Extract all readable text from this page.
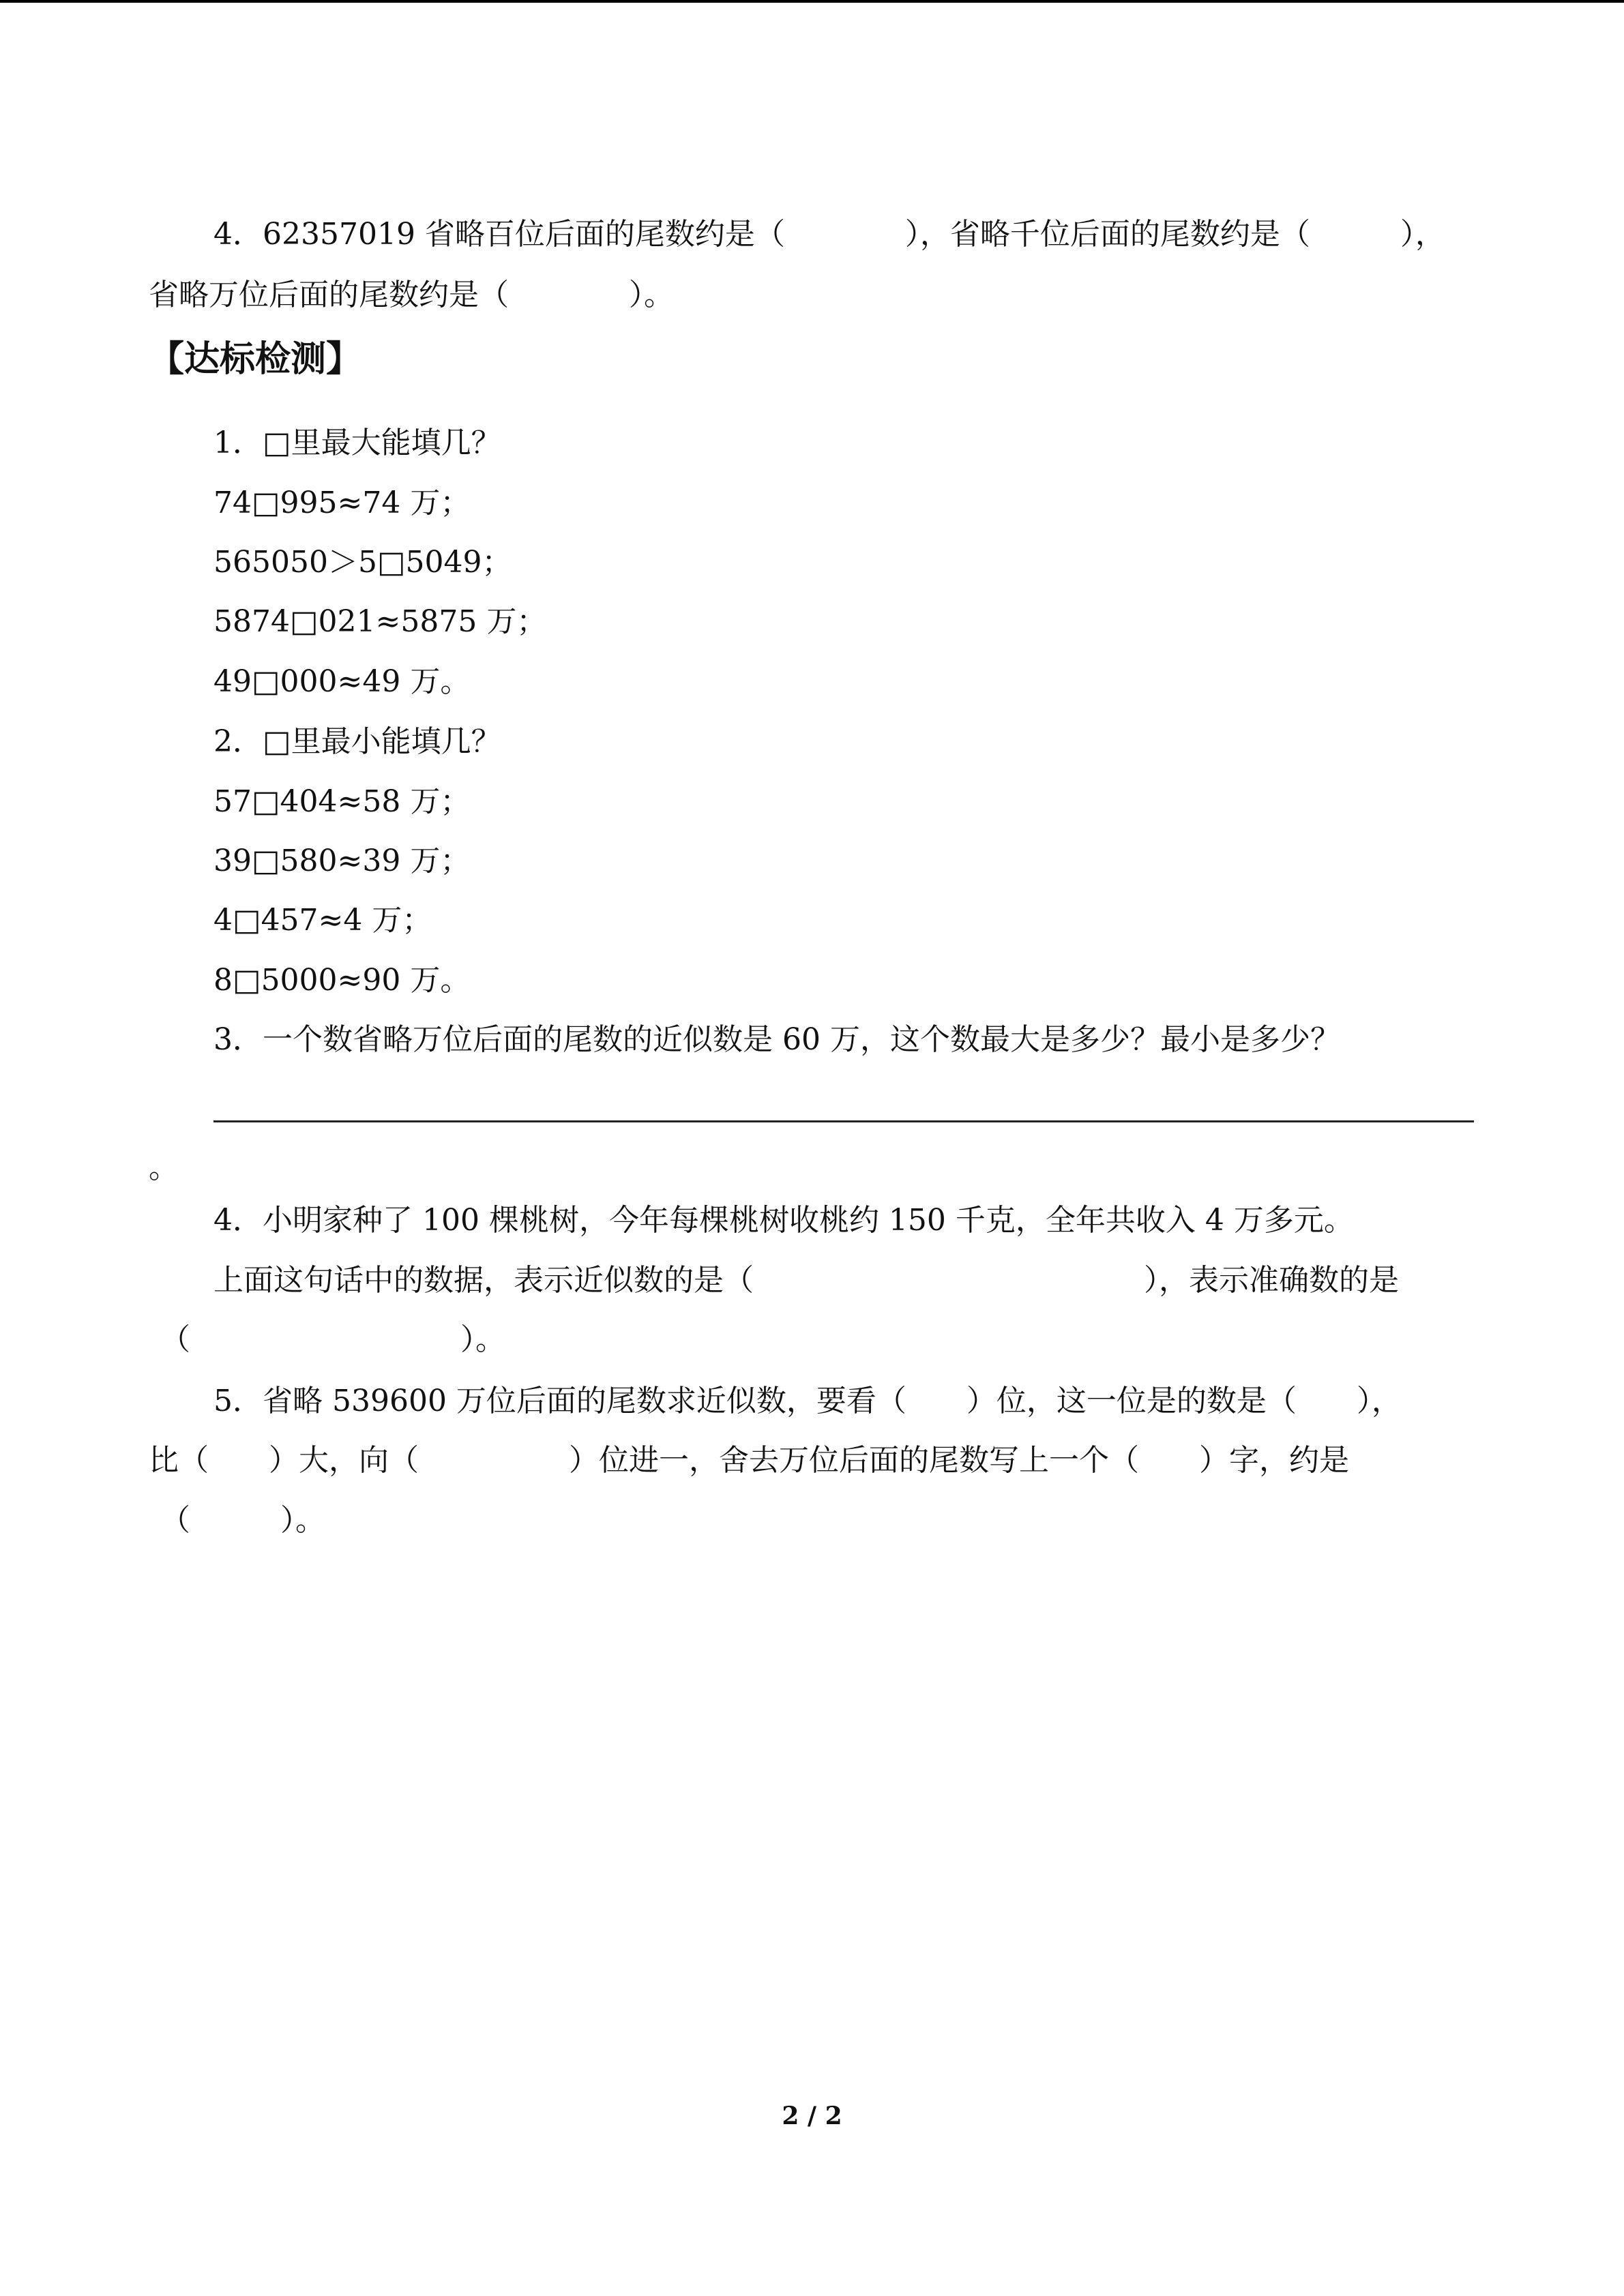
4．62357019 省略百位后面的尾数约是（　　　　），省略千位后面的尾数约是（　　　），
省略万位后面的尾数约是（　　　　）。
【达标检测】
1．□里最大能填几？
74□995≈74 万；
565050＞5□5049；
5874□021≈5875 万；
49□000≈49 万。
2．□里最小能填几？
57□404≈58 万；
39□580≈39 万；
4□457≈4 万；
8□5000≈90 万。
3．一个数省略万位后面的尾数的近似数是 60 万，这个数最大是多少？最小是多少？
。
4．小明家种了 100 棵桃树，今年每棵桃树收桃约 150 千克，全年共收入 4 万多元。
上面这句话中的数据，表示近似数的是（　　　　　　　　　　　　　），表示准确数的是
（　　　　　　　　　）。
5．省略 539600 万位后面的尾数求近似数，要看（　　）位，这一位是的数是（　　），
比（　　）大，向（　　　　　）位进一，舍去万位后面的尾数写上一个（　　）字，约是
（　　　）。
2 / 2
